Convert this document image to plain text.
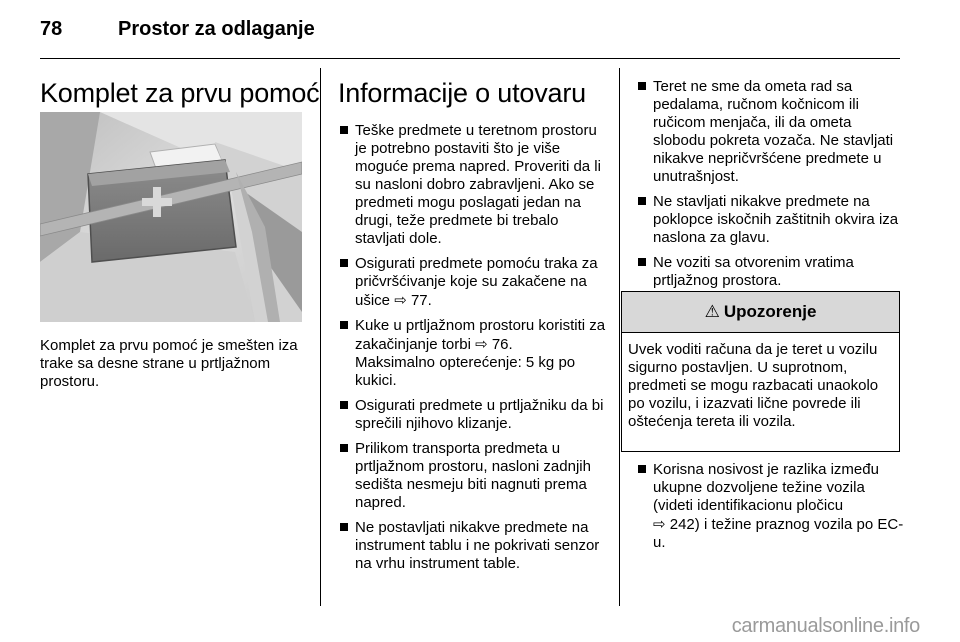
78	Prostor za odlaganje
Komplet za prvu pomoć

Komplet za prvu pomoć je smešten iza trake sa desne strane u prtljažnom prostoru.

Informacije o utovaru
Teške predmete u teretnom prostoru je potrebno postaviti što je više moguće prema napred. Proveriti da li su nasloni dobro zabravljeni. Ako se predmeti mogu poslagati jedan na drugi, teže predmete bi trebalo stavljati dole.
Osigurati predmete pomoću traka za pričvršćivanje koje su zakačene na ušice ⇨ 77.
Kuke u prtljažnom prostoru koristiti za zakačinjanje torbi ⇨ 76.
Maksimalno opterećenje: 5 kg po kukici.
Osigurati predmete u prtljažniku da bi sprečili njihovo klizanje.
Prilikom transporta predmeta u prtljažnom prostoru, nasloni zadnjih sedišta nesmeju biti nagnuti prema napred.
Ne postavljati nikakve predmete na instrument tablu i ne pokrivati senzor na vrhu instrument table.
Teret ne sme da ometa rad sa pedalama, ručnom kočnicom ili ručicom menjača, ili da ometa slobodu pokreta vozača. Ne stavljati nikakve nepričvršćene predmete u unutrašnjost.
Ne stavljati nikakve predmete na poklopce iskočnih zaštitnih okvira iza naslona za glavu.
Ne voziti sa otvorenim vratima prtljažnog prostora.
⚠ Upozorenje
Uvek voditi računa da je teret u vozilu sigurno postavljen. U suprotnom, predmeti se mogu razbacati unaokolo po vozilu, i izazvati lične povrede ili oštećenja tereta ili vozila.
Korisna nosivost je razlika između ukupne dozvoljene težine vozila (videti identifikacionu pločicu
⇨ 242) i težine praznog vozila po EC-u.
carmanualsonline.info
